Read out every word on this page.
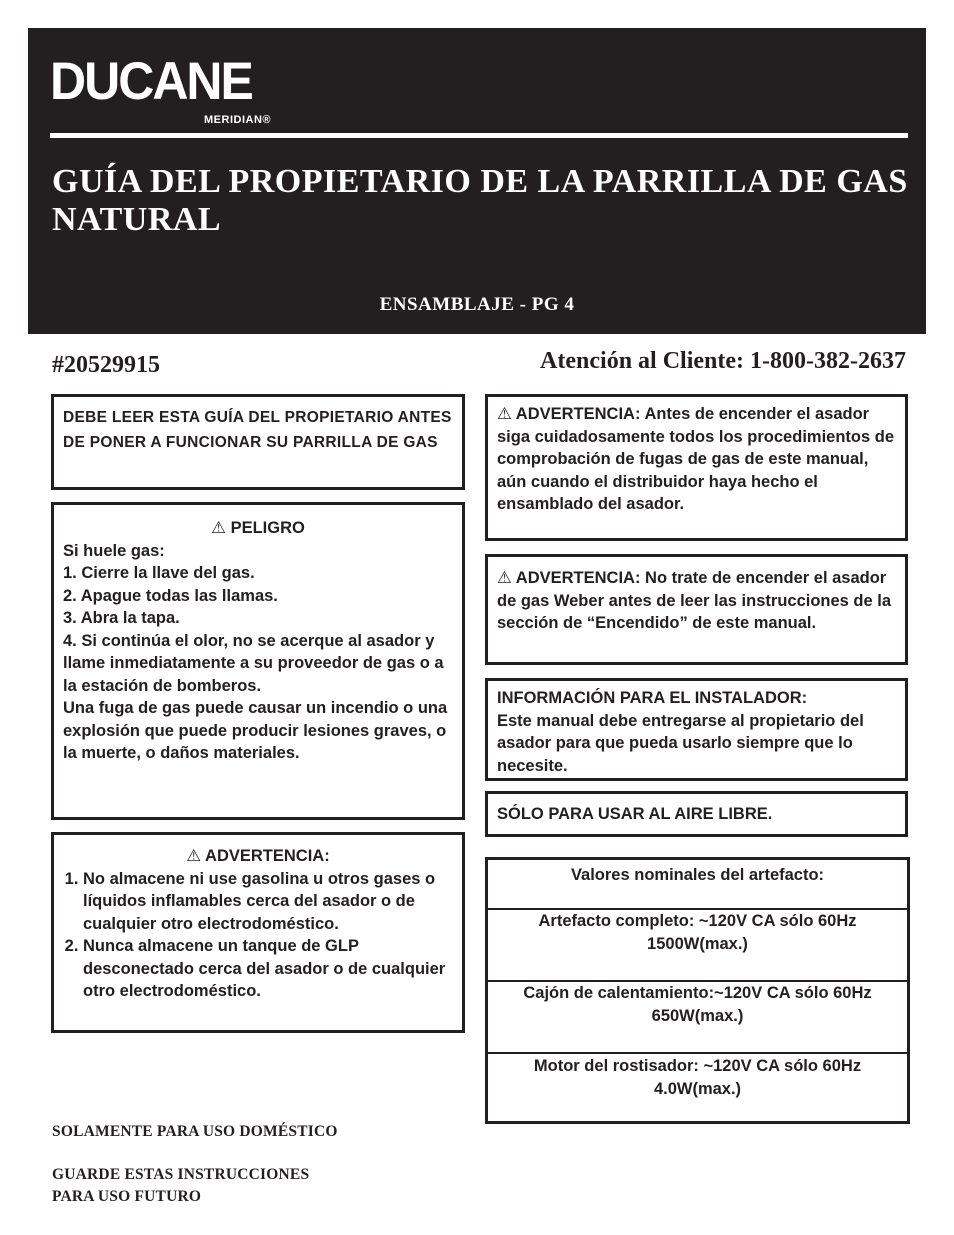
DUCANE
MERIDIAN®
GUÍA DEL PROPIETARIO DE LA PARRILLA DE GAS NATURAL
ENSAMBLAJE - PG 4
#20529915	Atención al Cliente: 1-800-382-2637

DEBE LEER ESTA GUÍA DEL PROPIETARIO ANTES DE PONER A FUNCIONAR SU PARRILLA DE GAS

⚠ PELIGRO

Si huele gas:

1. Cierre la llave del gas.

2. Apague todas las llamas.

3. Abra la tapa.

4. Si continúa el olor, no se acerque al asador y llame inmediatamente a su proveedor de gas o a la estación de bomberos.

Una fuga de gas puede causar un incendio o una explosión que puede producir lesiones graves, o la muerte, o daños materiales.

⚠ ADVERTENCIA:

1. No almacene ni use gasolina u otros gases o líquidos inflamables cerca del asador o de cualquier otro electrodoméstico.
2. Nunca almacene un tanque de GLP desconectado cerca del asador o de cualquier otro electrodoméstico.

⚠ ADVERTENCIA: Antes de encender el asador siga cuidadosamente todos los procedimientos de comprobación de fugas de gas de este manual, aún cuando el distribuidor haya hecho el ensamblado del asador.

⚠ ADVERTENCIA: No trate de encender el asador de gas Weber antes de leer las instrucciones de la sección de “Encendido” de este manual.

INFORMACIÓN PARA EL INSTALADOR:

Este manual debe entregarse al propietario del asador para que pueda usarlo siempre que lo necesite.

SÓLO PARA USAR AL AIRE LIBRE.

Valores nominales del artefacto:
Artefacto completo: ~120V CA sólo 60Hz
1500W(max.)
Cajón de calentamiento:~120V CA sólo 60Hz
650W(max.)
Motor del rostisador: ~120V CA sólo 60Hz
4.0W(max.)
SOLAMENTE PARA USO DOMÉSTICO
GUARDE ESTAS INSTRUCCIONES
PARA USO FUTURO
